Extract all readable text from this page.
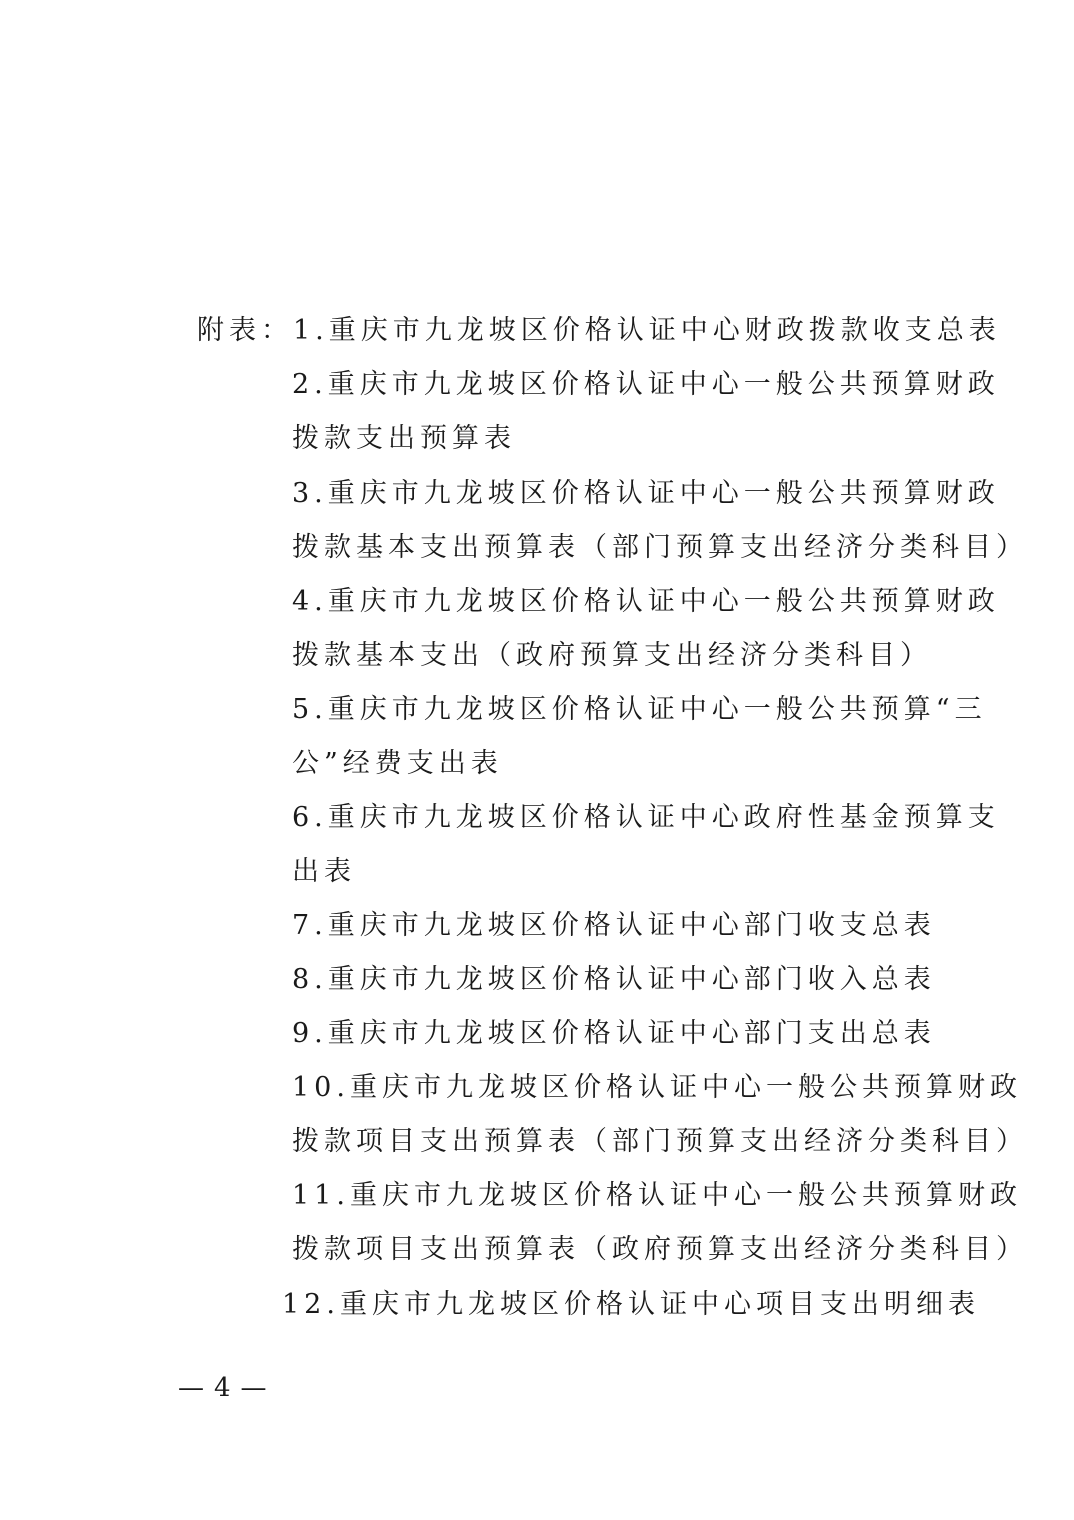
附表：1.重庆市九龙坡区价格认证中心财政拨款收支总表
2.重庆市九龙坡区价格认证中心一般公共预算财政
拨款支出预算表
3.重庆市九龙坡区价格认证中心一般公共预算财政
拨款基本支出预算表（部门预算支出经济分类科目）
4.重庆市九龙坡区价格认证中心一般公共预算财政
拨款基本支出（政府预算支出经济分类科目）
5.重庆市九龙坡区价格认证中心一般公共预算“三
公”经费支出表
6.重庆市九龙坡区价格认证中心政府性基金预算支
出表
7.重庆市九龙坡区价格认证中心部门收支总表
8.重庆市九龙坡区价格认证中心部门收入总表
9.重庆市九龙坡区价格认证中心部门支出总表
10.重庆市九龙坡区价格认证中心一般公共预算财政
拨款项目支出预算表（部门预算支出经济分类科目）
11.重庆市九龙坡区价格认证中心一般公共预算财政
拨款项目支出预算表（政府预算支出经济分类科目）
12.重庆市九龙坡区价格认证中心项目支出明细表
— 4 —
